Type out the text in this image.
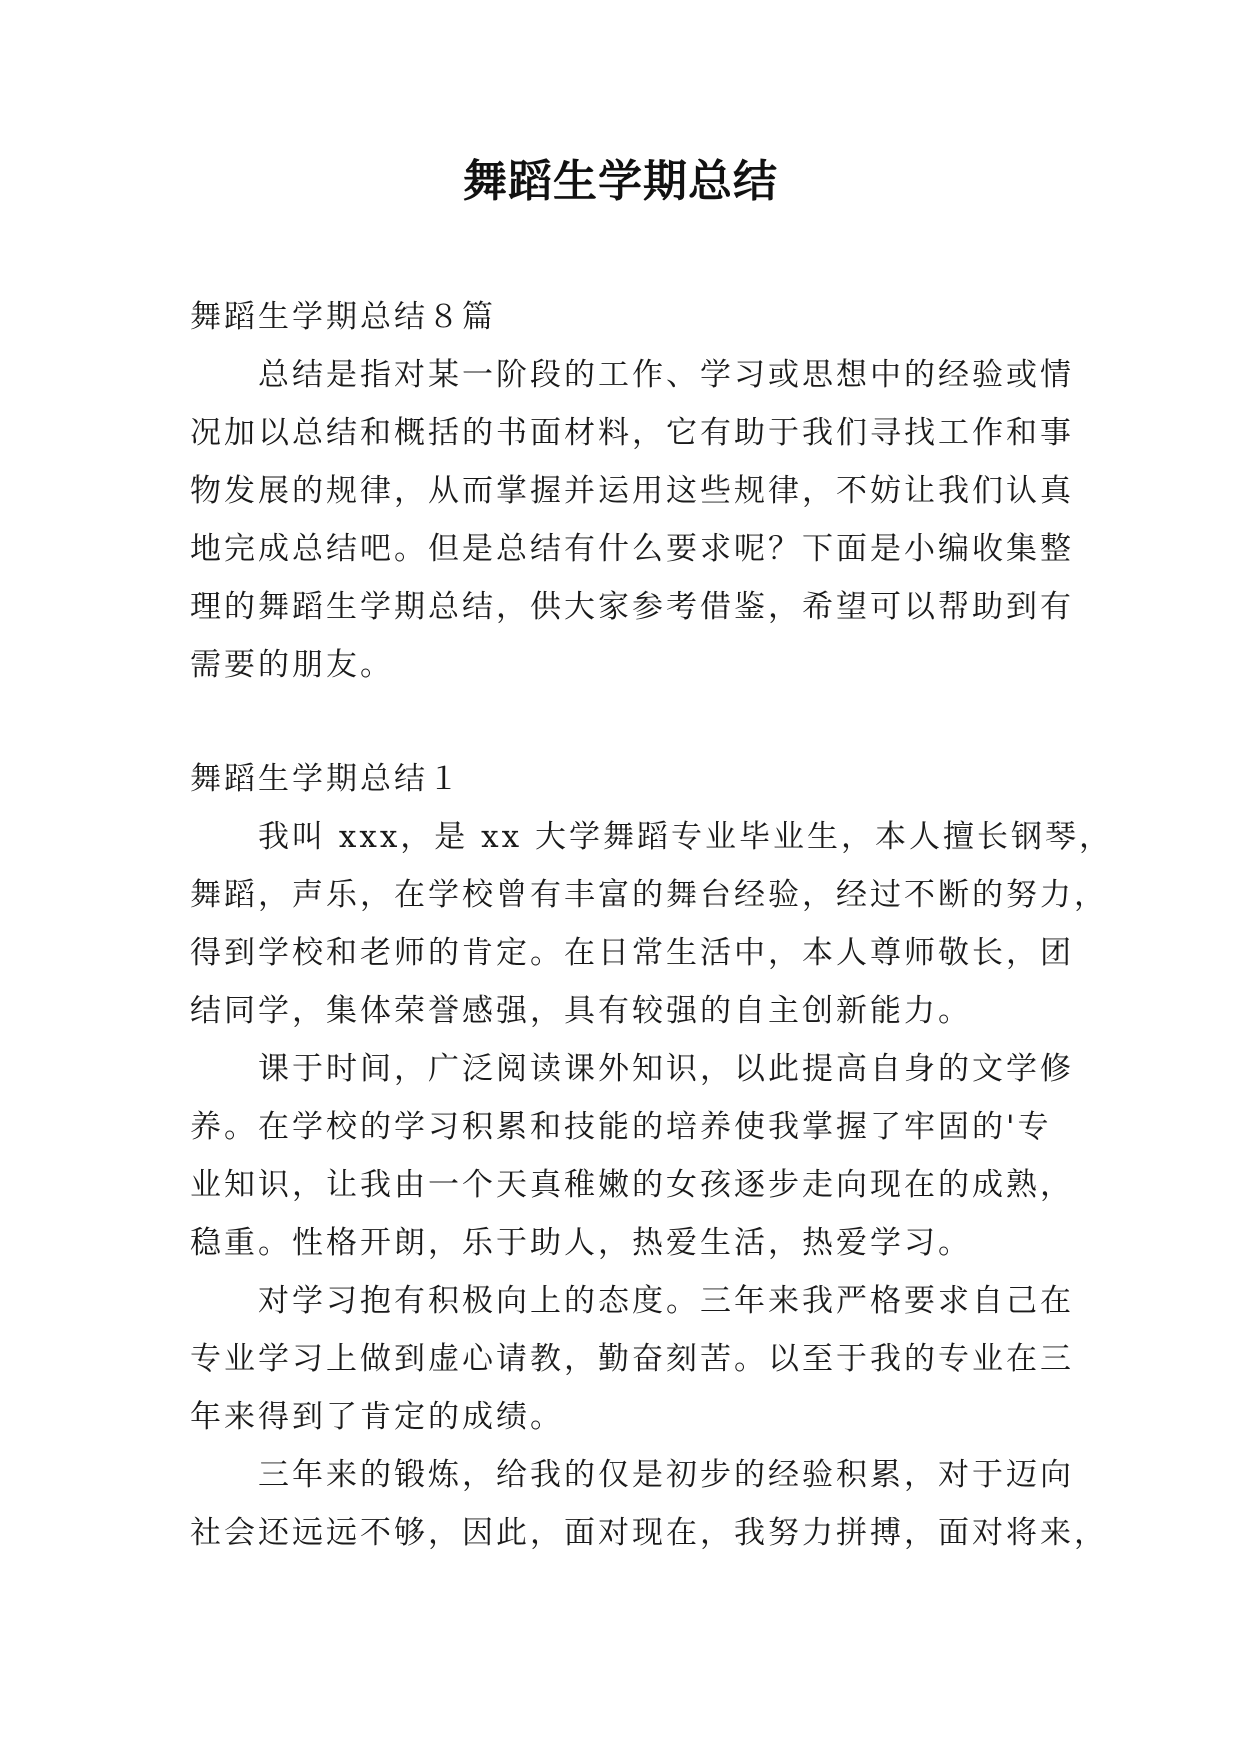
舞蹈生学期总结
舞蹈生学期总结８篇
总结是指对某一阶段的工作、学习或思想中的经验或情
况加以总结和概括的书面材料，它有助于我们寻找工作和事
物发展的规律，从而掌握并运用这些规律，不妨让我们认真
地完成总结吧。但是总结有什么要求呢？下面是小编收集整
理的舞蹈生学期总结，供大家参考借鉴，希望可以帮助到有
需要的朋友。
舞蹈生学期总结１
我叫 xxx，是 xx 大学舞蹈专业毕业生，本人擅长钢琴，
舞蹈，声乐，在学校曾有丰富的舞台经验，经过不断的努力，
得到学校和老师的肯定。在日常生活中，本人尊师敬长，团
结同学，集体荣誉感强，具有较强的自主创新能力。
课于时间，广泛阅读课外知识，以此提高自身的文学修
养。在学校的学习积累和技能的培养使我掌握了牢固的'专
业知识，让我由一个天真稚嫩的女孩逐步走向现在的成熟，
稳重。性格开朗，乐于助人，热爱生活，热爱学习。
对学习抱有积极向上的态度。三年来我严格要求自己在
专业学习上做到虚心请教，勤奋刻苦。以至于我的专业在三
年来得到了肯定的成绩。
三年来的锻炼，给我的仅是初步的经验积累，对于迈向
社会还远远不够，因此，面对现在，我努力拼搏，面对将来，
